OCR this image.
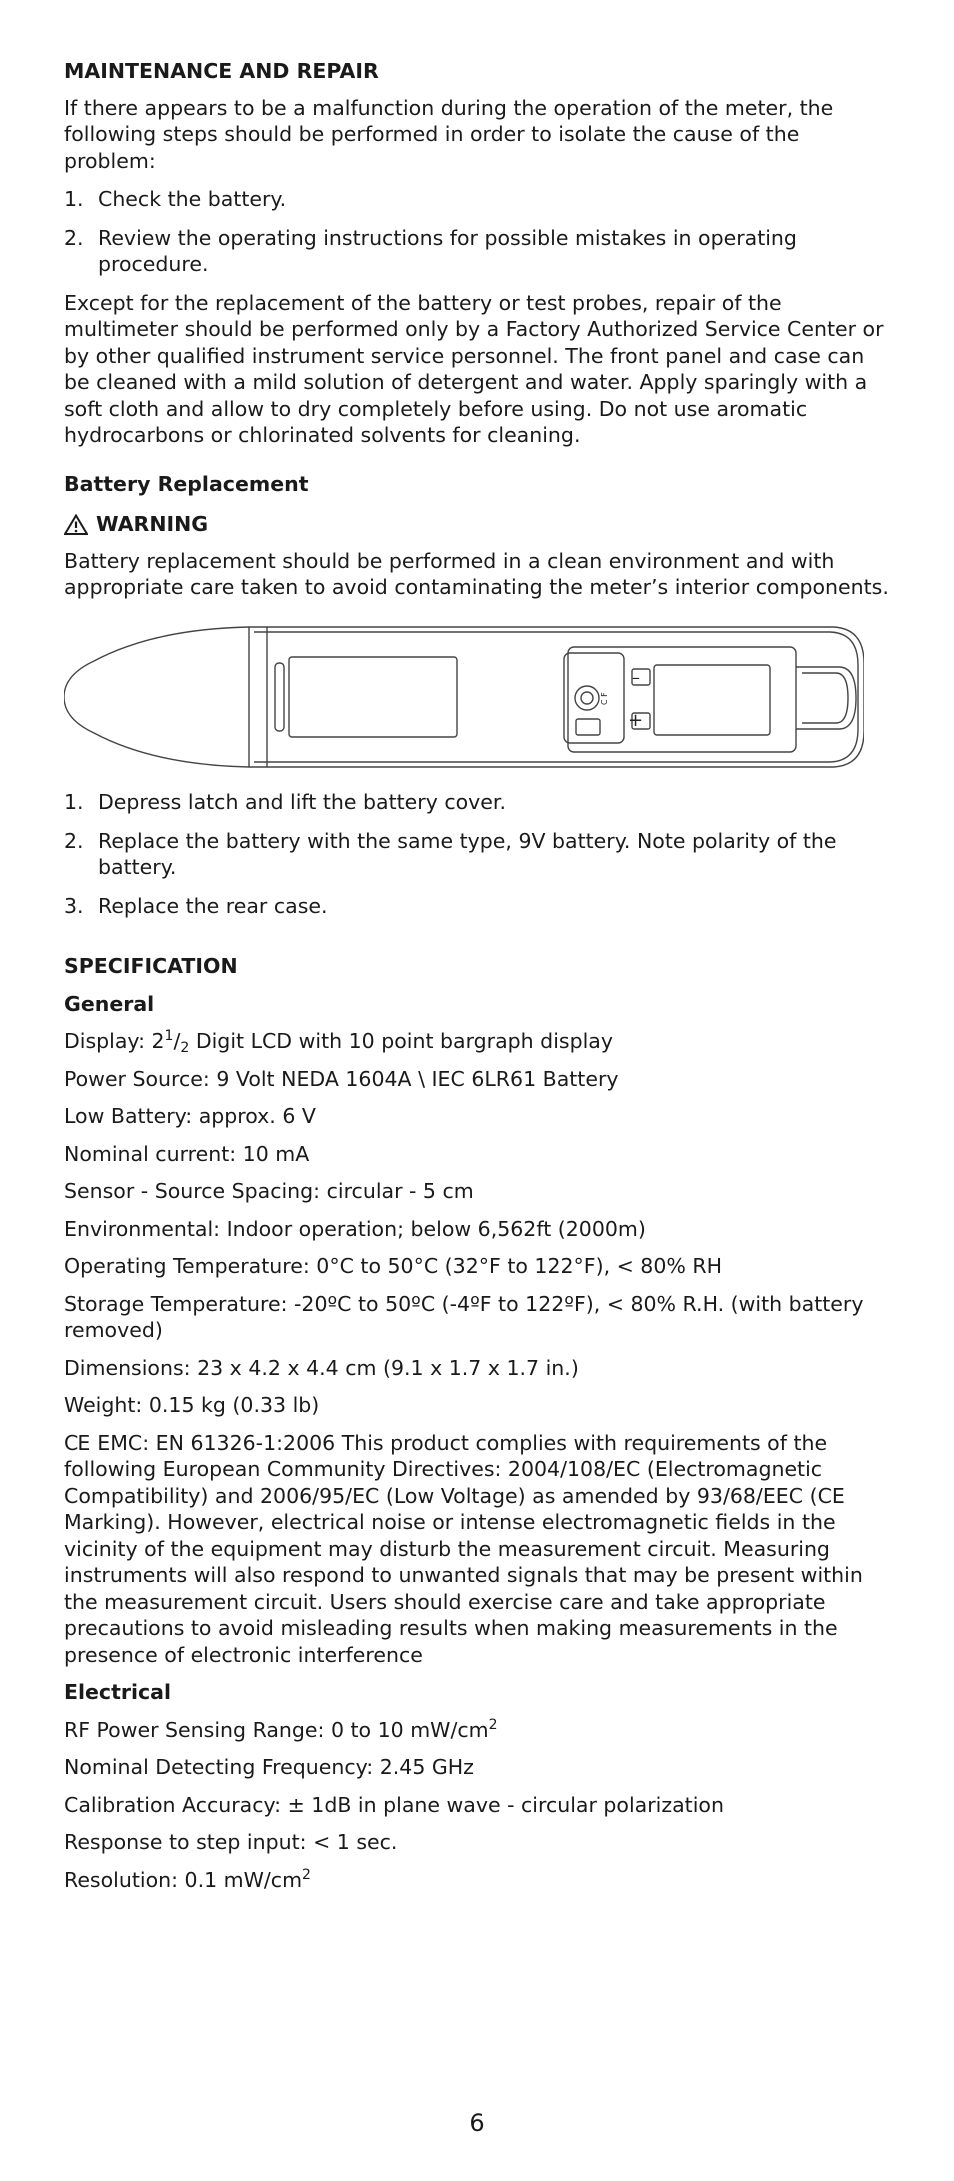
MAINTENANCE AND REPAIR

If there appears to be a malfunction during the operation of the meter, the following steps should be performed in order to isolate the cause of the problem:

1. Check the battery.
2. Review the operating instructions for possible mistakes in operating procedure.

Except for the replacement of the battery or test probes, repair of the multimeter should be performed only by a Factory Authorized Service Center or by other qualified instrument service personnel. The front panel and case can be cleaned with a mild solution of detergent and water. Apply sparingly with a soft cloth and allow to dry completely before using. Do not use aromatic hydrocarbons or chlorinated solvents for cleaning.

Battery Replacement
WARNING

Battery replacement should be performed in a clean environment and with appropriate care taken to avoid contaminating the meter’s interior components.

–
+
C F
1. Depress latch and lift the battery cover.
2. Replace the battery with the same type, 9V battery. Note polarity of the battery.
3. Replace the rear case.
SPECIFICATION

General

Display: $2^1/_2$ Digit LCD with 10 point bargraph display

Power Source: 9 Volt NEDA 1604A \ IEC 6LR61 Battery

Low Battery: approx. 6 V

Nominal current: 10 mA

Sensor - Source Spacing: circular - 5 cm

Environmental: Indoor operation; below 6,562ft (2000m)

Operating Temperature: 0°C to 50°C (32°F to 122°F), < 80% RH

Storage Temperature: -20ºC to 50ºC (-4ºF to 122ºF), < 80% R.H. (with battery removed)

Dimensions: 23 x 4.2 x 4.4 cm (9.1 x 1.7 x 1.7 in.)

Weight: 0.15 kg (0.33 lb)

CE EMC: EN 61326-1:2006 This product complies with requirements of the following European Community Directives: 2004/108/EC (Electromagnetic Compatibility) and 2006/95/EC (Low Voltage) as amended by 93/68/EEC (CE Marking). However, electrical noise or intense electromagnetic fields in the vicinity of the equipment may disturb the measurement circuit. Measuring instruments will also respond to unwanted signals that may be present within the measurement circuit. Users should exercise care and take appropriate precautions to avoid misleading results when making measurements in the presence of electronic interference

Electrical

RF Power Sensing Range: 0 to 10 $mW/cm^2$

Nominal Detecting Frequency: 2.45 GHz

Calibration Accuracy: ± 1dB in plane wave - circular polarization

Response to step input: < 1 sec.

Resolution: 0.1 $mW/cm^2$

6
